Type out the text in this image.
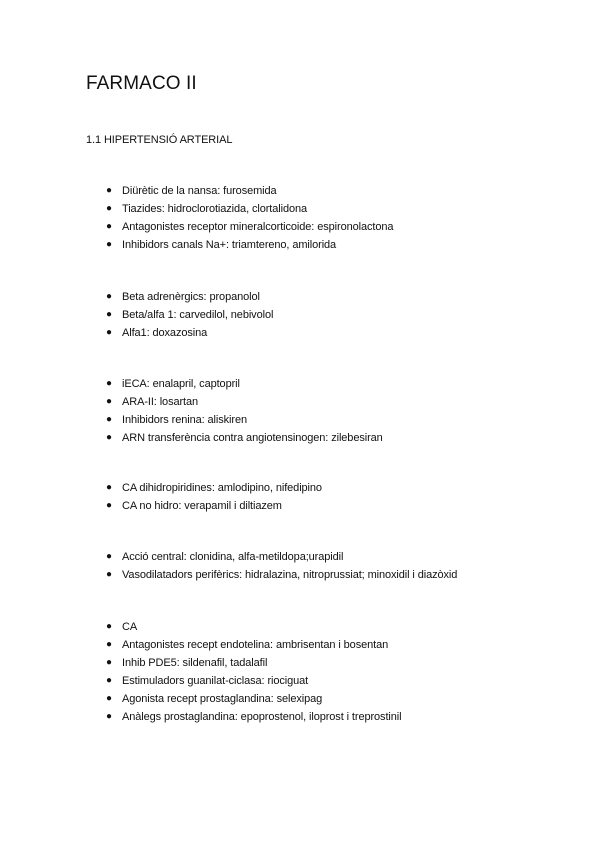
FARMACO II

1.1 HIPERTENSIÓ ARTERIAL

● Diürètic de la nansa: furosemida
● Tiazides: hidroclorotiazida, clortalidona
● Antagonistes receptor mineralcorticoide: espironolactona
● Inhibidors canals Na+: triamtereno, amilorida
● Beta adrenèrgics: propanolol
● Beta/alfa 1: carvedilol, nebivolol
● Alfa1: doxazosina
● iECA: enalapril, captopril
● ARA-II: losartan
● Inhibidors renina: aliskiren
● ARN transferència contra angiotensinogen: zilebesiran
● CA dihidropiridines: amlodipino, nifedipino
● CA no hidro: verapamil i diltiazem
● Acció central: clonidina, alfa-metildopa;urapidil
● Vasodilatadors perifèrics: hidralazina, nitroprussiat; minoxidil i diazòxid
● CA
● Antagonistes recept endotelina: ambrisentan i bosentan
● Inhib PDE5: sildenafil, tadalafil
● Estimuladors guanilat-ciclasa: riociguat
● Agonista recept prostaglandina: selexipag
● Anàlegs prostaglandina: epoprostenol, iloprost i treprostinil
